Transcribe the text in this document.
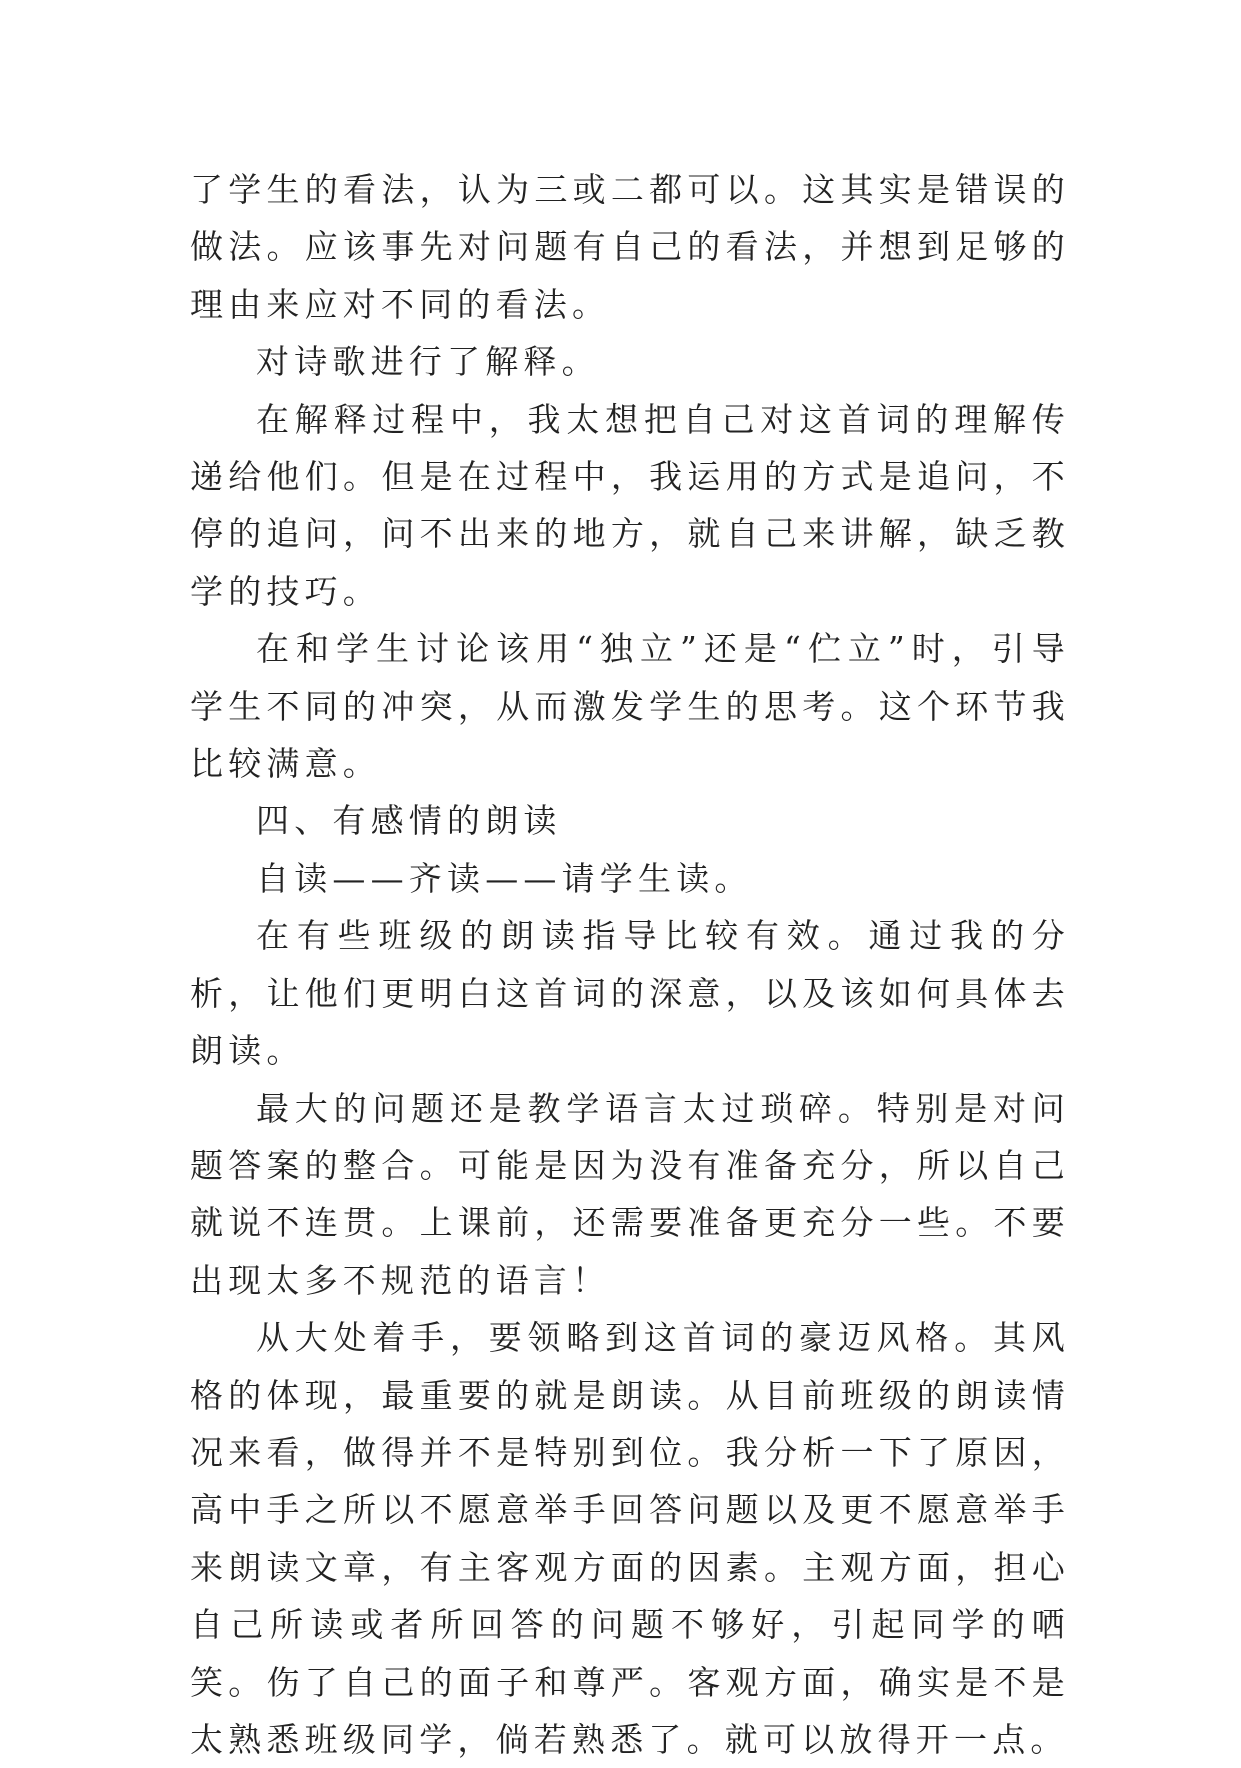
了学生的看法，认为三或二都可以。这其实是错误的做法。应该事先对问题有自己的看法，并想到足够的理由来应对不同的看法。

对诗歌进行了解释。

在解释过程中，我太想把自己对这首词的理解传递给他们。但是在过程中，我运用的方式是追问，不停的追问，问不出来的地方，就自己来讲解，缺乏教学的技巧。

在和学生讨论该用“独立”还是“伫立”时，引导学生不同的冲突，从而激发学生的思考。这个环节我比较满意。

四、有感情的朗读

自读——齐读——请学生读。

在有些班级的朗读指导比较有效。通过我的分析，让他们更明白这首词的深意，以及该如何具体去朗读。

最大的问题还是教学语言太过琐碎。特别是对问题答案的整合。可能是因为没有准备充分，所以自己就说不连贯。上课前，还需要准备更充分一些。不要出现太多不规范的语言！

从大处着手，要领略到这首词的豪迈风格。其风格的体现，最重要的就是朗读。从目前班级的朗读情况来看，做得并不是特别到位。我分析一下了原因，高中手之所以不愿意举手回答问题以及更不愿意举手来朗读文章，有主客观方面的因素。主观方面，担心自己所读或者所回答的问题不够好，引起同学的哂笑。伤了自己的面子和尊严。客观方面，确实是不是太熟悉班级同学，倘若熟悉了。就可以放得开一点。
